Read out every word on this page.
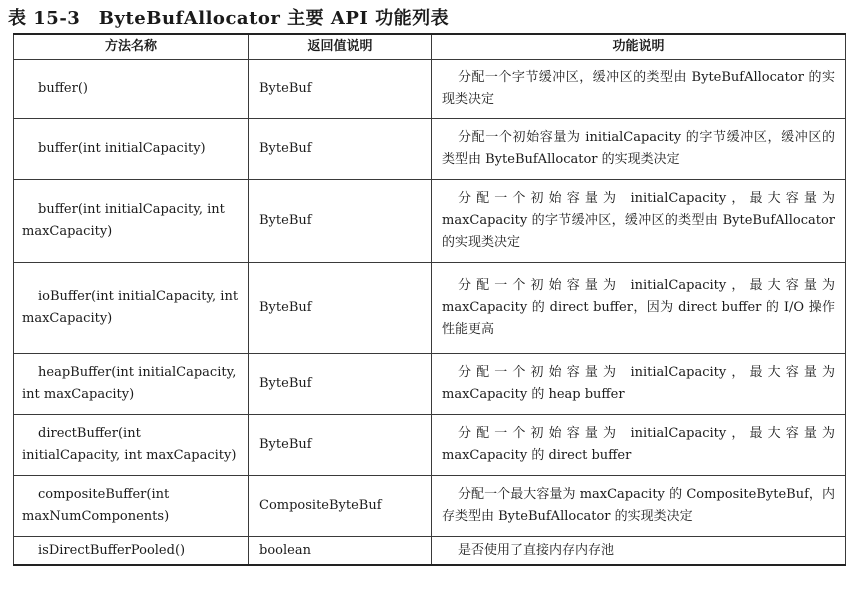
表 15-3　ByteBufAllocator 主要 API 功能列表
方法名称	返回值说明	功能说明

buffer()	ByteBuf	分配一个字节缓冲区，缓冲区的类型由 ByteBufAllocator 的实现类决定

buffer(int initialCapacity)	ByteBuf	分配一个初始容量为 initialCapacity 的字节缓冲区，缓冲区的类型由 ByteBufAllocator 的实现类决定

buffer(int initialCapacity, int maxCapacity)	ByteBuf	分配一个初始容量为 initialCapacity，最大容量为 maxCapacity 的字节缓冲区，缓冲区的类型由 ByteBufAllocator 的实现类决定

ioBuffer(int initialCapacity, int maxCapacity)	ByteBuf	分配一个初始容量为 initialCapacity，最大容量为 maxCapacity 的 direct buffer，因为 direct buffer 的 I/O 操作性能更高

heapBuffer(int initialCapacity, int maxCapacity)	ByteBuf	分配一个初始容量为 initialCapacity，最大容量为 maxCapacity 的 heap buffer

directBuffer(int initialCapacity, int maxCapacity)	ByteBuf	分配一个初始容量为 initialCapacity，最大容量为 maxCapacity 的 direct buffer

compositeBuffer(int maxNumComponents)	CompositeByteBuf	分配一个最大容量为 maxCapacity 的 CompositeByteBuf，内存类型由 ByteBufAllocator 的实现类决定

isDirectBufferPooled()	boolean	是否使用了直接内存内存池
